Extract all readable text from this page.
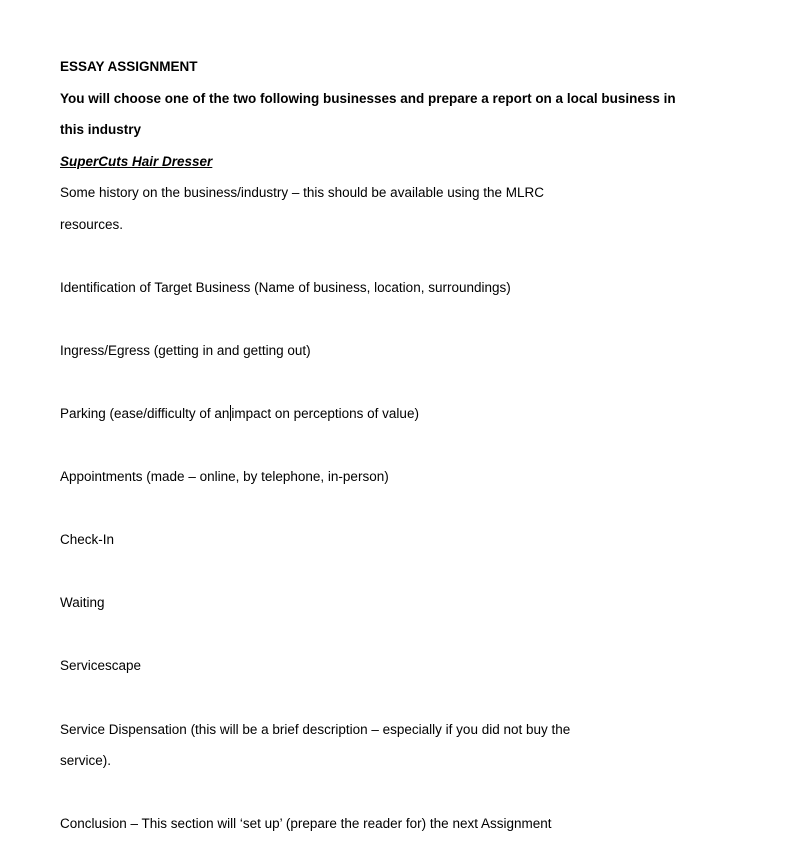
ESSAY ASSIGNMENT

You will choose one of the two following businesses and prepare a report on a local business in

this industry

SuperCuts Hair Dresser

Some history on the business/industry – this should be available using the MLRC

resources.

Identification of Target Business (Name of business, location, surroundings)

Ingress/Egress (getting in and getting out)

Parking (ease/difficulty of an impact on perceptions of value)

Appointments (made – online, by telephone, in-person)

Check-In

Waiting

Servicescape

Service Dispensation (this will be a brief description – especially if you did not buy the

service).

Conclusion – This section will ‘set up’ (prepare the reader for) the next Assignment
